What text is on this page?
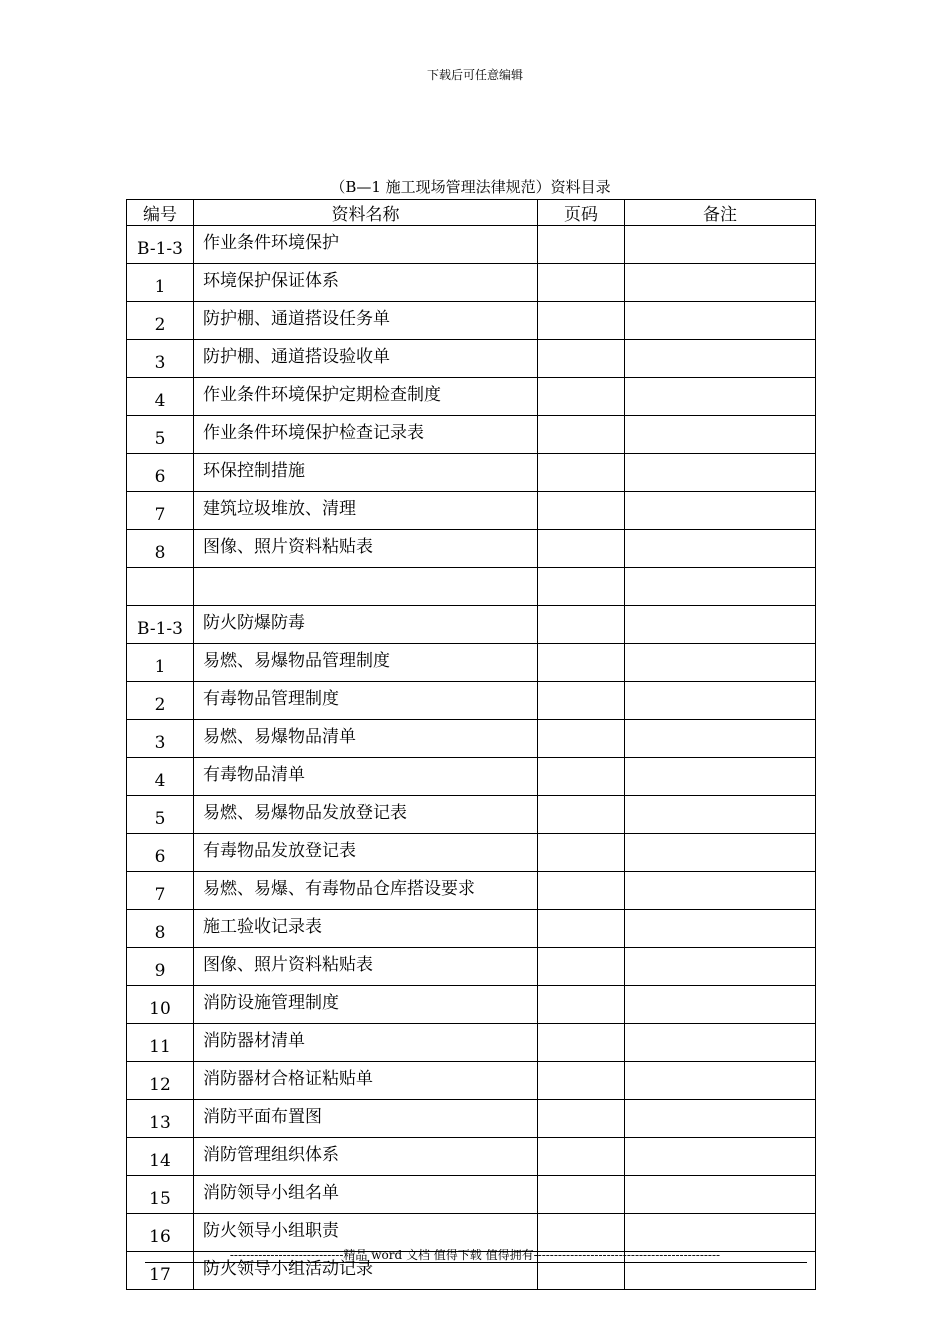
下载后可任意编辑
（B—1 施工现场管理法律规范）资料目录
编号	资料名称	页码	备注
B-1-3	作业条件环境保护		
1	环境保护保证体系		
2	防护棚、通道搭设任务单		
3	防护棚、通道搭设验收单		
4	作业条件环境保护定期检查制度		
5	作业条件环境保护检查记录表		
6	环保控制措施		
7	建筑垃圾堆放、清理		
8	图像、照片资料粘贴表		

B-1-3	防火防爆防毒		
1	易燃、易爆物品管理制度		
2	有毒物品管理制度		
3	易燃、易爆物品清单		
4	有毒物品清单		
5	易燃、易爆物品发放登记表		
6	有毒物品发放登记表		
7	易燃、易爆、有毒物品仓库搭设要求		
8	施工验收记录表		
9	图像、照片资料粘贴表		
10	消防设施管理制度		
11	消防器材清单		
12	消防器材合格证粘贴单		
13	消防平面布置图		
14	消防管理组织体系		
15	消防领导小组名单		
16	防火领导小组职责		
17	防火领导小组活动记录		
----------------------------精品 word 文档 值得下载 值得拥有----------------------------------------------
